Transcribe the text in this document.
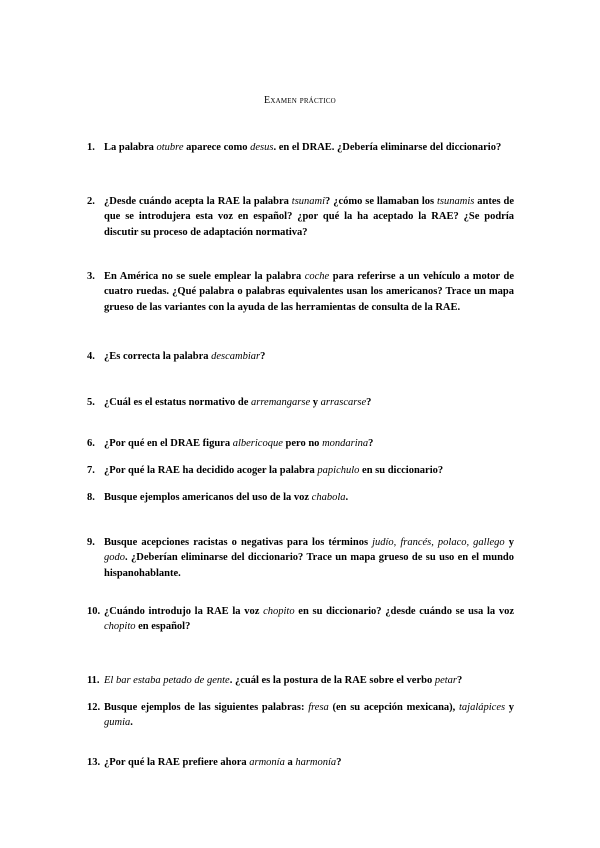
Examen práctico
1. La palabra otubre aparece como desus. en el DRAE. ¿Debería eliminarse del diccionario?
2. ¿Desde cuándo acepta la RAE la palabra tsunami? ¿cómo se llamaban los tsunamis antes de que se introdujera esta voz en español? ¿por qué la ha aceptado la RAE? ¿Se podría discutir su proceso de adaptación normativa?
3. En América no se suele emplear la palabra coche para referirse a un vehículo a motor de cuatro ruedas. ¿Qué palabra o palabras equivalentes usan los americanos? Trace un mapa grueso de las variantes con la ayuda de las herramientas de consulta de la RAE.
4. ¿Es correcta la palabra descambiar?
5. ¿Cuál es el estatus normativo de arremangarse y arrascarse?
6. ¿Por qué en el DRAE figura albericoque pero no mondarina?
7. ¿Por qué la RAE ha decidido acoger la palabra papichulo en su diccionario?
8. Busque ejemplos americanos del uso de la voz chabola.
9. Busque acepciones racistas o negativas para los términos judío, francés, polaco, gallego y godo. ¿Deberían eliminarse del diccionario? Trace un mapa grueso de su uso en el mundo hispanohablante.
10. ¿Cuándo introdujo la RAE la voz chopito en su diccionario? ¿desde cuándo se usa la voz chopito en español?
11. El bar estaba petado de gente. ¿cuál es la postura de la RAE sobre el verbo petar?
12. Busque ejemplos de las siguientes palabras: fresa (en su acepción mexicana), tajalápices y gumia.
13. ¿Por qué la RAE prefiere ahora armonía a harmonía?
